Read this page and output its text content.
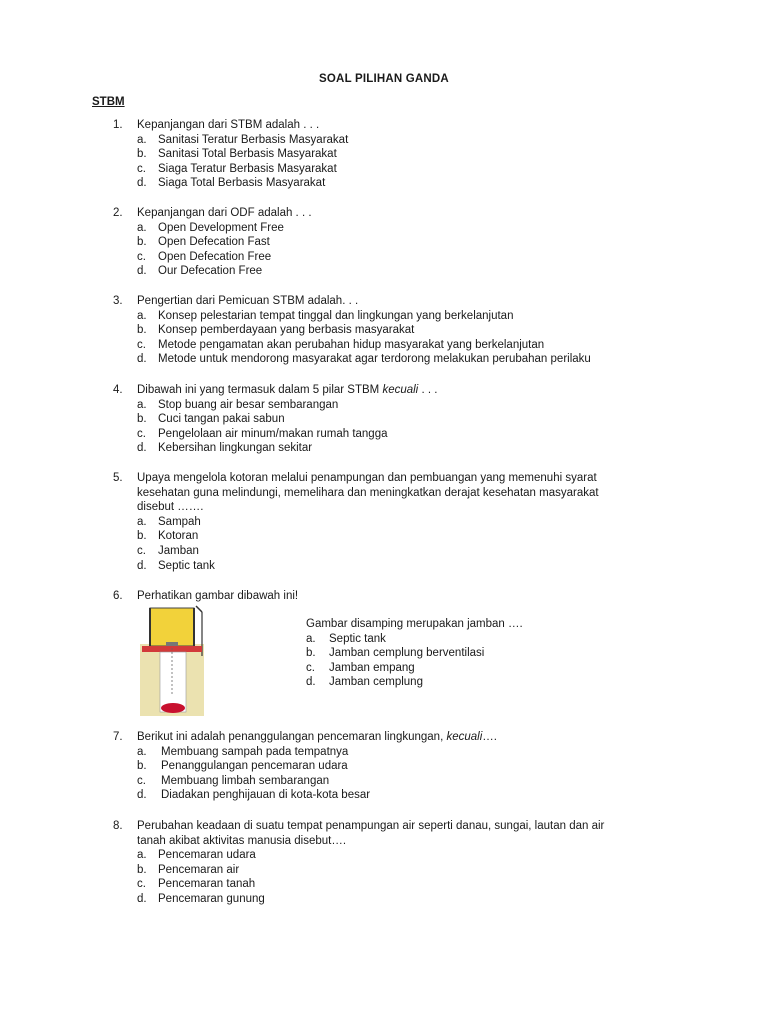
SOAL PILIHAN GANDA
STBM
1.	Kepanjangan dari STBM adalah . . .
a. Sanitasi Teratur Berbasis Masyarakat
b. Sanitasi Total Berbasis Masyarakat
c.	Siaga Teratur Berbasis Masyarakat
d. Siaga Total Berbasis Masyarakat
2.	Kepanjangan dari ODF adalah . . .
a. Open Development Free
b. Open Defecation Fast
c.	Open Defecation Free
d. Our Defecation Free
3.	Pengertian dari Pemicuan STBM adalah. . .
a. Konsep pelestarian tempat tinggal dan lingkungan yang berkelanjutan
b. Konsep pemberdayaan yang berbasis masyarakat
c.	Metode pengamatan akan perubahan hidup masyarakat yang berkelanjutan
d. Metode untuk mendorong masyarakat agar terdorong melakukan perubahan perilaku
4.	Dibawah ini yang termasuk dalam 5 pilar STBM kecuali . . .
a. Stop buang air besar sembarangan
b. Cuci tangan pakai sabun
c.	Pengelolaan air minum/makan rumah tangga
d. Kebersihan lingkungan sekitar
5.	Upaya mengelola kotoran melalui penampungan dan pembuangan yang memenuhi syarat
kesehatan guna melindungi, memelihara dan meningkatkan derajat kesehatan masyarakat
disebut …….
a. Sampah
b. Kotoran
c.	Jamban
d. Septic tank
6.	Perhatikan gambar dibawah ini!
Gambar disamping merupakan jamban ….
a.	Septic tank
b.	Jamban cemplung berventilasi
c.	Jamban empang
d.	Jamban cemplung
7.	Berikut ini adalah penanggulangan pencemaran lingkungan, kecuali….
a.	Membuang sampah pada tempatnya
b.	Penanggulangan pencemaran udara
c.	Membuang limbah sembarangan
d.	Diadakan penghijauan di kota-kota besar
8.	Perubahan keadaan di suatu tempat penampungan air seperti danau, sungai, lautan dan air
tanah akibat aktivitas manusia disebut….
a. Pencemaran udara
b. Pencemaran air
c.	Pencemaran tanah
d. Pencemaran gunung
